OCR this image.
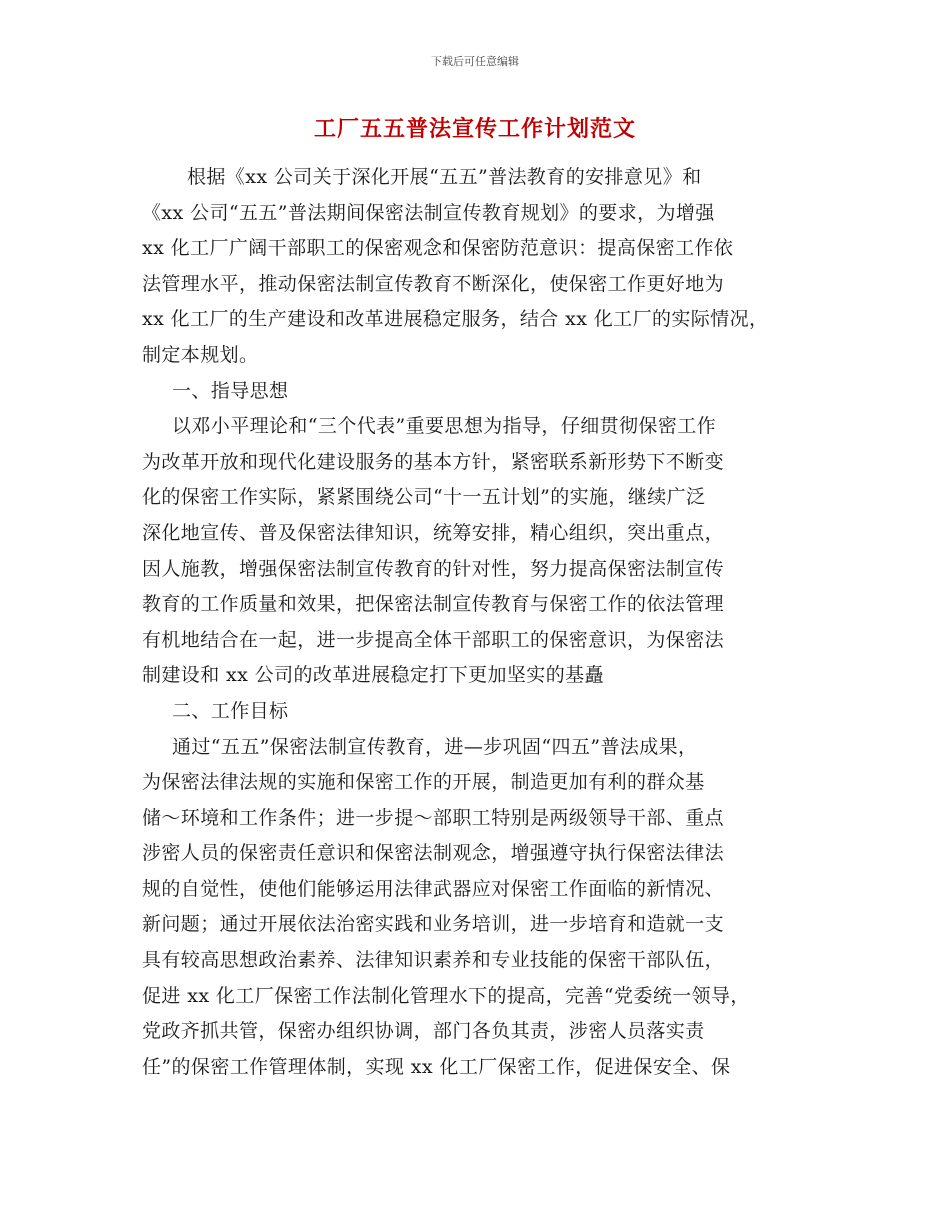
下载后可任意编辑
工厂五五普法宣传工作计划范文
根据《xx 公司关于深化开展“五五”普法教育的安排意见》和
《xx 公司“五五”普法期间保密法制宣传教育规划》的要求，为增强
xx 化工厂广阔干部职工的保密观念和保密防范意识：提高保密工作依
法管理水平，推动保密法制宣传教育不断深化，使保密工作更好地为
xx 化工厂的生产建设和改革进展稳定服务，结合 xx 化工厂的实际情况，
制定本规划。
一、指导思想
以邓小平理论和“三个代表”重要思想为指导，仔细贯彻保密工作
为改革开放和现代化建设服务的基本方针，紧密联系新形势下不断变
化的保密工作实际，紧紧围绕公司“十一五计划”的实施，继续广泛
深化地宣传、普及保密法律知识，统筹安排，精心组织，突出重点，
因人施教，增强保密法制宣传教育的针对性，努力提高保密法制宣传
教育的工作质量和效果，把保密法制宣传教育与保密工作的依法管理
有机地结合在一起，进一步提高全体干部职工的保密意识，为保密法
制建设和 xx 公司的改革进展稳定打下更加坚实的基矗
二、工作目标
通过“五五”保密法制宣传教育，进—步巩固“四五”普法成果，
为保密法律法规的实施和保密工作的开展，制造更加有利的群众基
储～环境和工作条件；进一步提～部职工特别是两级领导干部、重点
涉密人员的保密责任意识和保密法制观念，增强遵守执行保密法律法
规的自觉性，使他们能够运用法律武器应对保密工作面临的新情况、
新问题；通过开展依法治密实践和业务培训，进一步培育和造就一支
具有较高思想政治素养、法律知识素养和专业技能的保密干部队伍，
促进 xx 化工厂保密工作法制化管理水下的提高，完善“党委统一领导，
党政齐抓共管，保密办组织协调，部门各负其责，涉密人员落实责
任”的保密工作管理体制，实现 xx 化工厂保密工作，促进保安全、保
